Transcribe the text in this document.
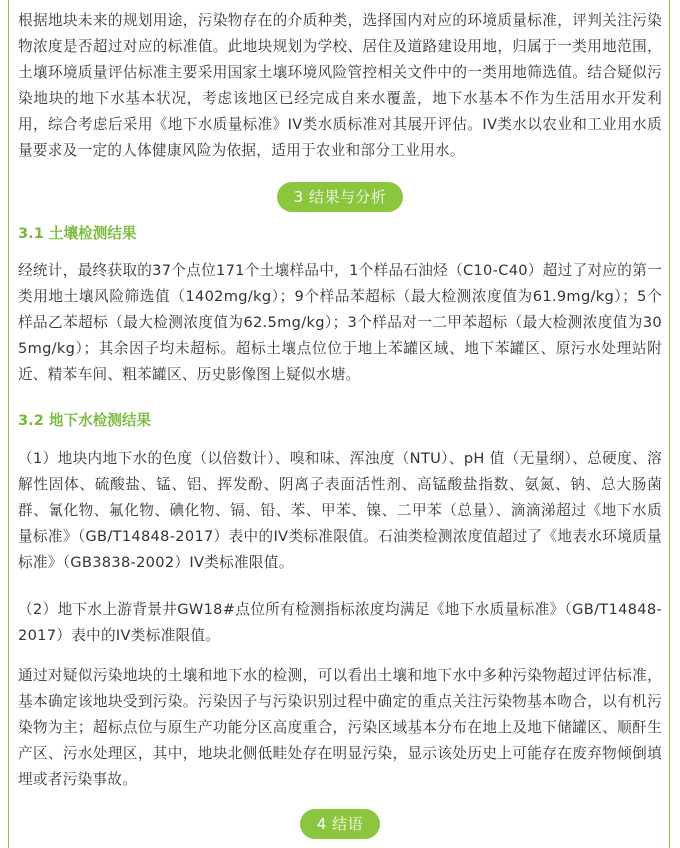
根据地块未来的规划用途，污染物存在的介质种类，选择国内对应的环境质量标准，评判关注污染物浓度是否超过对应的标准值。此地块规划为学校、居住及道路建设用地，归属于一类用地范围，土壤环境质量评估标准主要采用国家土壤环境风险管控相关文件中的一类用地筛选值。结合疑似污染地块的地下水基本状况，考虑该地区已经完成自来水覆盖，地下水基本不作为生活用水开发利用，综合考虑后采用《地下水质量标准》IV类水质标准对其展开评估。IV类水以农业和工业用水质量要求及一定的人体健康风险为依据，适用于农业和部分工业用水。

3 结果与分析

3.1 土壤检测结果

经统计，最终获取的37个点位171个土壤样品中，1个样品石油烃（C10-C40）超过了对应的第一类用地土壤风险筛选值（1402mg/kg）；9个样品苯超标（最大检测浓度值为61.9mg/kg）；5个样品乙苯超标（最大检测浓度值为62.5mg/kg）；3个样品对一二甲苯超标（最大检测浓度值为305mg/kg）；其余因子均未超标。超标土壤点位位于地上苯罐区域、地下苯罐区、原污水处理站附近、精苯车间、粗苯罐区、历史影像图上疑似水塘。

3.2 地下水检测结果

（1）地块内地下水的色度（以倍数计）、嗅和味、浑浊度（NTU）、pH 值（无量纲）、总硬度、溶解性固体、硫酸盐、锰、铝、挥发酚、阴离子表面活性剂、高锰酸盐指数、氨氮、钠、总大肠菌群、氰化物、氟化物、碘化物、镉、铅、苯、甲苯、镍、二甲苯（总量）、滴滴涕超过《地下水质量标准》（GB/T14848-2017）表中的IV类标准限值。石油类检测浓度值超过了《地表水环境质量标准》（GB3838-2002）IV类标准限值。

（2）地下水上游背景井GW18#点位所有检测指标浓度均满足《地下水质量标准》（GB/T14848-2017）表中的IV类标准限值。

通过对疑似污染地块的土壤和地下水的检测，可以看出土壤和地下水中多种污染物超过评估标准，基本确定该地块受到污染。污染因子与污染识别过程中确定的重点关注污染物基本吻合，以有机污染物为主；超标点位与原生产功能分区高度重合，污染区域基本分布在地上及地下储罐区、顺酐生产区、污水处理区，其中，地块北侧低畦处存在明显污染，显示该处历史上可能存在废弃物倾倒填埋或者污染事故。

4 结语
